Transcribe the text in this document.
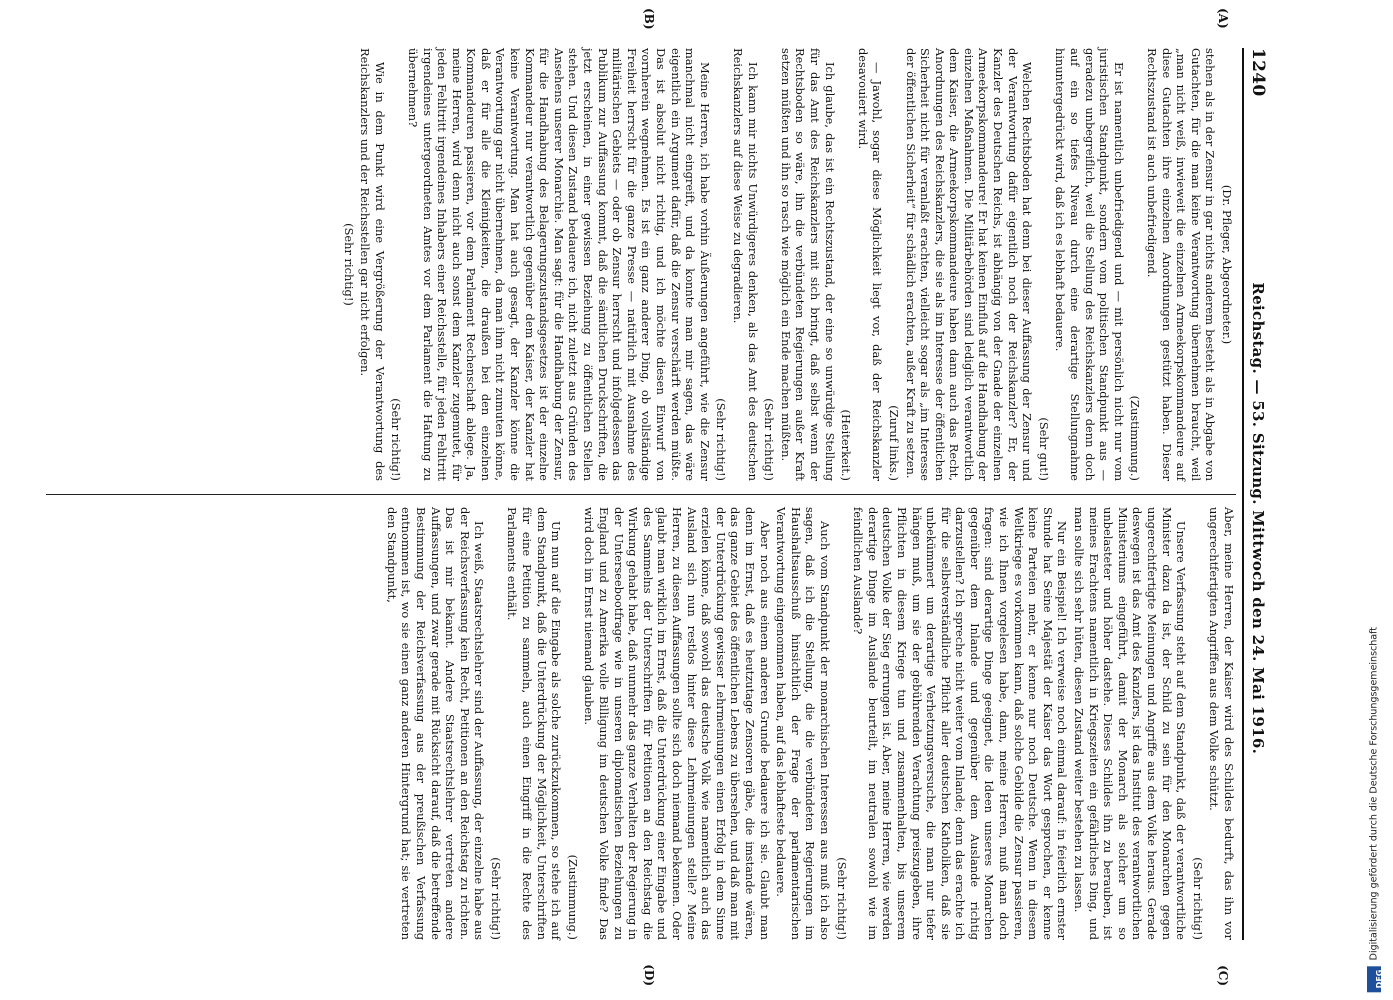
1240
Reichstag. — 53. Sitzung. Mittwoch den 24. Mai 1916.

(Dr. Pfleger, Abgeordneter.)

stehen als in der Zensur in gar nichts anderem besteht als in Abgabe von Gutachten, für die man keine Verantwortung übernehmen braucht, weil „man nicht weiß, inwieweit die einzelnen Armeekorpskommandeure auf diese Gutachten ihre einzelnen Anordnungen gestützt haben. Dieser Rechtszustand ist auch unbefriedigend.

(Zustimmung.)

Er ist namentlich unbefriedigend und — mit persönlich nicht nur vom juristischen Standpunkt, sondern vom politischen Standpunkt aus — geradezu unbegreiflich, weil die Stellung des Reichskanzlers denn doch auf ein so tiefes Niveau durch eine derartige Stellungnahme hinuntergedrückt wird, daß ich es lebhaft bedauere.

(Sehr gut!)

Welchen Rechtsboden hat denn bei dieser Auffassung der Zensur und der Verantwortung dafür eigentlich noch der Reichskanzler? Er, der Kanzler des Deutschen Reichs, ist abhängig von der Gnade der einzelnen Armeekorpskommandeure! Er hat keinen Einfluß auf die Handhabung der einzelnen Maßnahmen. Die Militärbehörden sind lediglich verantwortlich dem Kaiser, die Armeekorpskommandeure haben dann auch das Recht, Anordnungen des Reichskanzlers, die sie als im Interesse der öffentlichen Sicherheit nicht für veranlaßt erachten, vielleicht sogar als „im Interesse der öffentlichen Sicherheit“ für schädlich erachten, außer Kraft zu setzen.

(Zuruf links.)

— Jawohl, sogar diese Möglichkeit liegt vor, daß der Reichskanzler desavouiert wird.

(Heiterkeit.)

Ich glaube, das ist ein Rechtszustand, der eine so unwürdige Stellung für das Amt des Reichskanzlers mit sich bringt, daß selbst wenn der Rechtsboden so wäre, ihn die verbündeten Regierungen außer Kraft setzen müßten und ihn so rasch wie möglich ein Ende machen müßten.

(Sehr richtig!)

Ich kann mir nichts Unwürdigeres denken, als das Amt des deutschen Reichskanzlers auf diese Weise zu degradieren.

(Sehr richtig!)

Meine Herren, ich habe vorhin Äußerungen angeführt, wie die Zensur manchmal nicht eingreift, und da konnte man mir sagen, das wäre eigentlich ein Argument dafür, daß die Zensur verschärft werden müßte. Das ist absolut nicht richtig, und ich möchte diesen Einwurf von vornherein wegnehmen. Es ist ein ganz anderer Ding, ob vollständige Freiheit herrscht für die ganze Presse — natürlich mit Ausnahme des militärischen Gebiets — oder ob Zensur herrscht und infolgedessen das Publikum zur Auffassung kommt, daß die sämtlichen Druckschriften, die jetzt erscheinen, in einer gewissen Beziehung zu öffentlichen Stellen stehen. Und diesen Zustand bedauere ich, nicht zuletzt aus Gründen des Ansehens unserer Monarchie. Man sagt: für die Handhabung der Zensur, für die Handhabung des Belagerungszustandsgesetzes ist der einzelne Kommandeur nur verantwortlich gegenüber dem Kaiser, der Kanzler hat keine Verantwortung. Man hat auch gesagt, der Kanzler könne die Verantwortung gar nicht übernehmen, da man ihm nicht zumuten könne, daß er für alle die Kleinigkeiten, die draußen bei den einzelnen Kommandeuren passieren, vor dem Parlament Rechenschaft ablege. Ja, meine Herren, wird denn nicht auch sonst dem Kanzler zugemutet, für jeden Fehltritt irgendeines Inhabers einer Reichsstelle, für jeden Fehltritt irgendeines untergeordneten Amtes vor dem Parlament die Haftung zu übernehmen?

(Sehr richtig!)

Wie in dem Punkt wird eine Vergrößerung der Verantwortung des Reichskanzlers und der Reichsstellen gar nicht erfolgen.

(Sehr richtig!)

Aber, meine Herren, der Kaiser wird des Schildes bedurft, das ihn vor ungerechtfertigten Angriffen aus dem Volke schützt.

(Sehr richtig!)

Unsere Verfassung steht auf dem Standpunkt, daß der verantwortliche Minister dazu da ist, der Schild zu sein für den Monarchen gegen ungerechtfertigte Meinungen und Angriffe aus dem Volke heraus. Gerade deswegen ist das Amt des Kanzlers, ist das Institut des verantwortlichen Ministeriums eingeführt, damit der Monarch als solcher um so unbelasteter und höher dastehe. Dieses Schildes ihn zu berauben, ist meines Erachtens namentlich in Kriegszeiten ein gefährliches Ding, und man sollte sich sehr hüten, diesen Zustand weiter bestehen zu lassen.

Nur ein Beispiel! Ich verweise noch einmal darauf: in feierlich ernster Stunde hat Seine Majestät der Kaiser das Wort gesprochen, er kenne keine Parteien mehr, er kenne nur noch Deutsche. Wenn in diesem Weltkriege es vorkommen kann, daß solche Gebilde die Zensur passieren, wie ich Ihnen vorgelesen habe, dann, meine Herren, muß man doch fragen: sind derartige Dinge geeignet, die Ideen unseres Monarchen gegenüber dem Inlande und gegenüber dem Auslande richtig darzustellen? Ich spreche nicht weiter vom Inlande; denn das erachte ich für die selbstverständliche Pflicht aller deutschen Katholiken, daß sie unbekümmert um derartige Verhetzungsversuche, die man nur tiefer hängen muß, um sie der gebührenden Verachtung preiszugeben, ihre Pflichten in diesem Kriege tun und zusammenhalten, bis unserem deutschen Volke der Sieg errungen ist. Aber, meine Herren, wie werden derartige Dinge im Auslande beurteilt, im neutralen sowohl wie im feindlichen Auslande?

(Sehr richtig!)

Auch vom Standpunkt der monarchischen Interessen aus muß ich also sagen, daß ich die Stellung, die die verbündeten Regierungen im Haushaltsausschuß hinsichtlich der Frage der parlamentarischen Verantwortung eingenommen haben, auf das lebhafteste bedauere.

Aber noch aus einem anderen Grunde bedauere ich sie. Glaubt man denn im Ernst, daß es heutzutage Zensoren gäbe, die imstande wären, das ganze Gebiet des öffentlichen Lebens zu übersehen, und daß man mit der Unterdrückung gewisser Lehrmeinungen einen Erfolg in dem Sinne erzielen könne, daß sowohl das deutsche Volk wie namentlich auch das Ausland sich nun restlos hinter diese Lehrmeinungen stelle? Meine Herren, zu diesen Auffassungen sollte sich doch niemand bekennen. Oder glaubt man wirklich im Ernst, daß die Unterdrückung einer Eingabe und des Sammelns der Unterschriften für Petitionen an den Reichstag die Wirkung gehabt habe, daß nunmehr das ganze Verhalten der Regierung in der Unterseebootfrage wie in unseren diplomatischen Beziehungen zu England und zu Amerika volle Billigung im deutschen Volke finde? Das wird doch im Ernst niemand glauben.

(Zustimmung.)

Um nun auf die Eingabe als solche zurückzukommen, so stehe ich auf dem Standpunkt, daß die Unterdrückung der Möglichkeit, Unterschriften für eine Petition zu sammeln, auch einen Eingriff in die Rechte des Parlaments enthält.

(Sehr richtig!)

Ich weiß, Staatsrechtslehrer sind der Auffassung, der einzelne habe aus der Reichsverfassung kein Recht, Petitionen an den Reichstag zu richten. Das ist mir bekannt. Andere Staatsrechtslehrer vertreten andere Auffassungen, und zwar gerade mit Rücksicht darauf, daß die betreffende Bestimmung der Reichsverfassung aus der preußischen Verfassung entnommen ist, wo sie einen ganz anderen Hintergrund hat; sie vertreten den Standpunkt,

(A)
(B)
(C)
(D)	DFG
Digitalisierung gefördert durch die Deutsche Forschungsgemeinschaft
